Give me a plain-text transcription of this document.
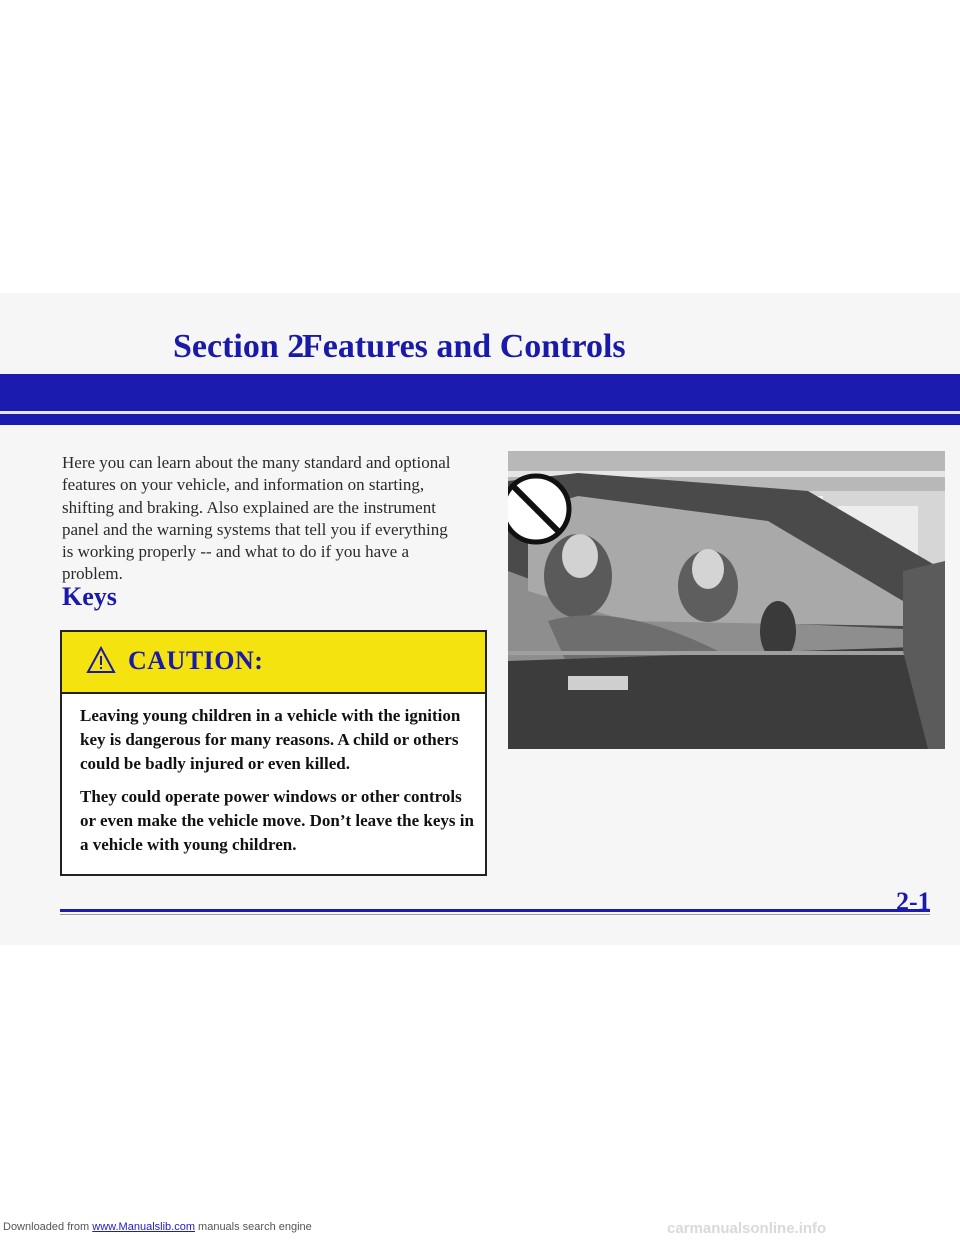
Section 2
Features and Controls
Here you can learn about the many standard and optional features on your vehicle, and information on starting, shifting and braking. Also explained are the instrument panel and the warning systems that tell you if everything is working properly -- and what to do if you have a problem.
Keys
CAUTION:

Leaving young children in a vehicle with the ignition key is dangerous for many reasons. A child or others could be badly injured or even killed.

They could operate power windows or other controls or even make the vehicle move. Don’t leave the keys in a vehicle with young children.

2-1
Downloaded from www.Manualslib.com manuals search engine	carmanualsonline.info
